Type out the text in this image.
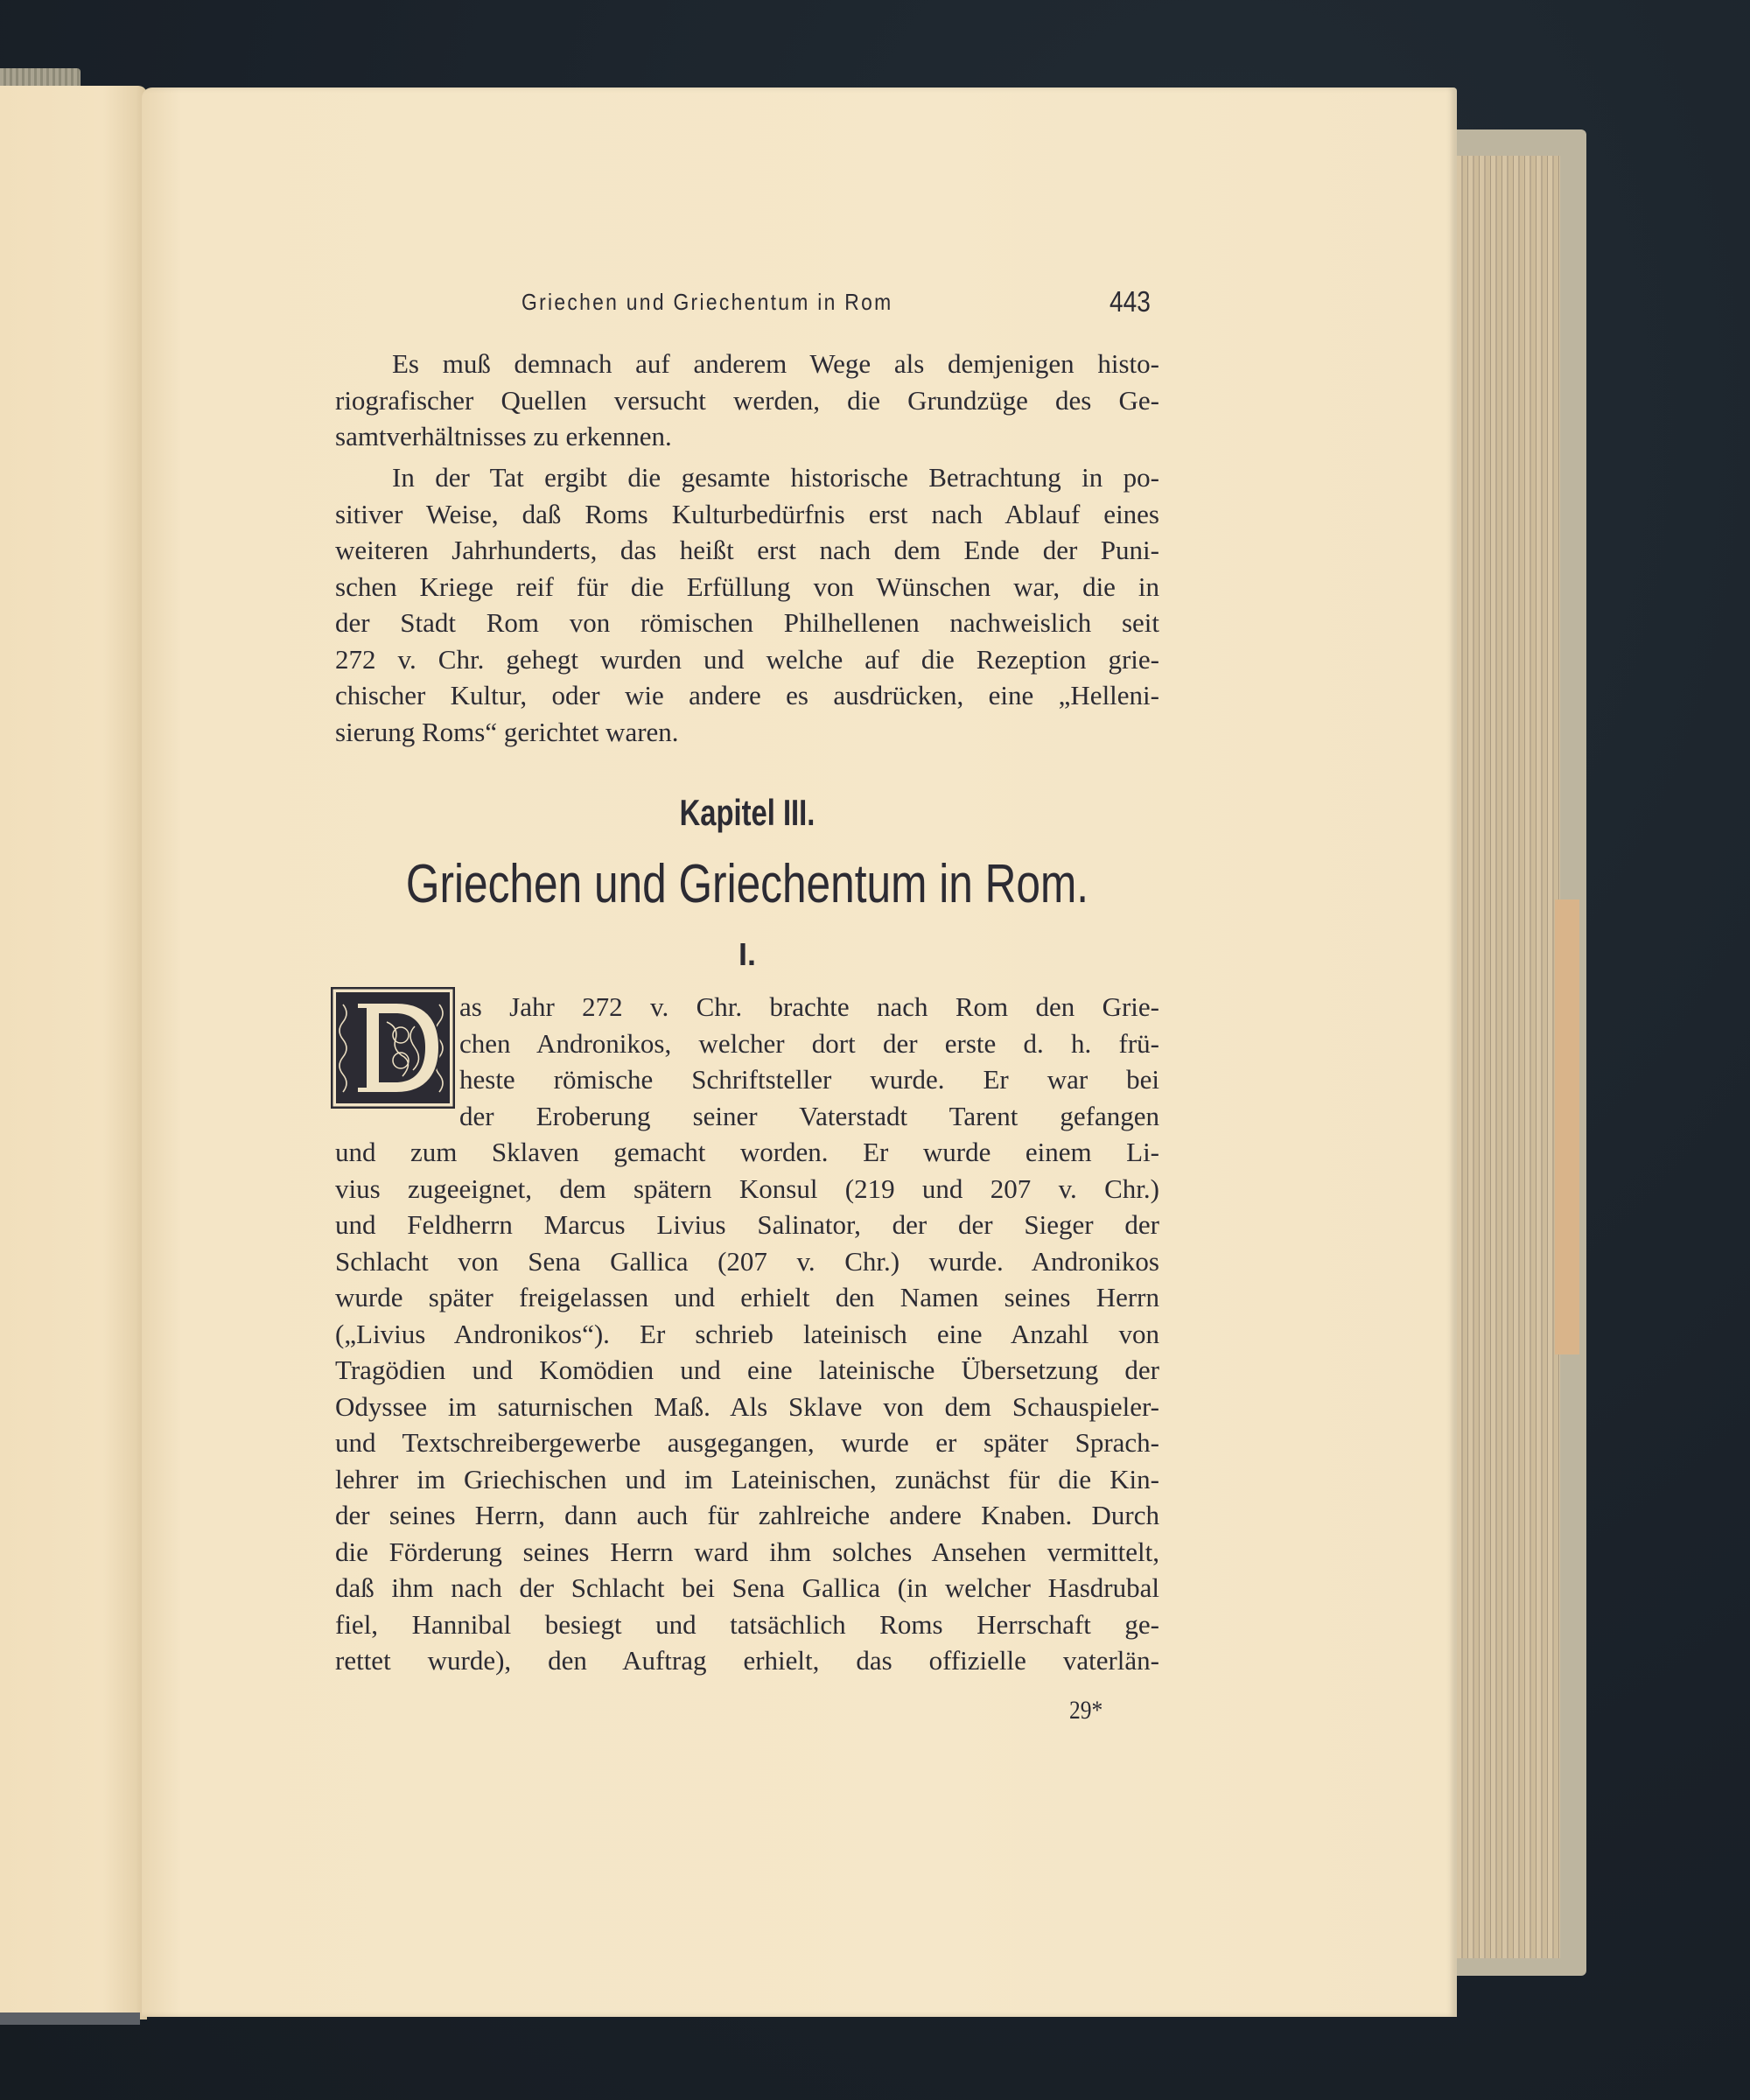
Griechen und Griechentum in Rom	443
Es muß demnach auf anderem Wege als demjenigen histo-
riografischer Quellen versucht werden, die Grundzüge des Ge-
samtverhältnisses zu erkennen.
In der Tat ergibt die gesamte historische Betrachtung in po-
sitiver Weise, daß Roms Kulturbedürfnis erst nach Ablauf eines
weiteren Jahrhunderts, das heißt erst nach dem Ende der Puni-
schen Kriege reif für die Erfüllung von Wünschen war, die in
der Stadt Rom von römischen Philhellenen nachweislich seit
272 v. Chr. gehegt wurden und welche auf die Rezeption grie-
chischer Kultur, oder wie andere es ausdrücken, eine „Helleni-
sierung Roms“ gerichtet waren.
Kapitel III.
Griechen und Griechentum in Rom.
I.
as Jahr 272 v. Chr. brachte nach Rom den Grie-
chen Andronikos, welcher dort der erste d. h. frü-
heste römische Schriftsteller wurde. Er war bei
der Eroberung seiner Vaterstadt Tarent gefangen
und zum Sklaven gemacht worden. Er wurde einem Li-
vius zugeeignet, dem spätern Konsul (219 und 207 v. Chr.)
und Feldherrn Marcus Livius Salinator, der der Sieger der
Schlacht von Sena Gallica (207 v. Chr.) wurde. Andronikos
wurde später freigelassen und erhielt den Namen seines Herrn
(„Livius Andronikos“). Er schrieb lateinisch eine Anzahl von
Tragödien und Komödien und eine lateinische Übersetzung der
Odyssee im saturnischen Maß. Als Sklave von dem Schauspieler-
und Textschreibergewerbe ausgegangen, wurde er später Sprach-
lehrer im Griechischen und im Lateinischen, zunächst für die Kin-
der seines Herrn, dann auch für zahlreiche andere Knaben. Durch
die Förderung seines Herrn ward ihm solches Ansehen vermittelt,
daß ihm nach der Schlacht bei Sena Gallica (in welcher Hasdrubal
fiel, Hannibal besiegt und tatsächlich Roms Herrschaft ge-
rettet wurde), den Auftrag erhielt, das offizielle vaterlän-
29*
